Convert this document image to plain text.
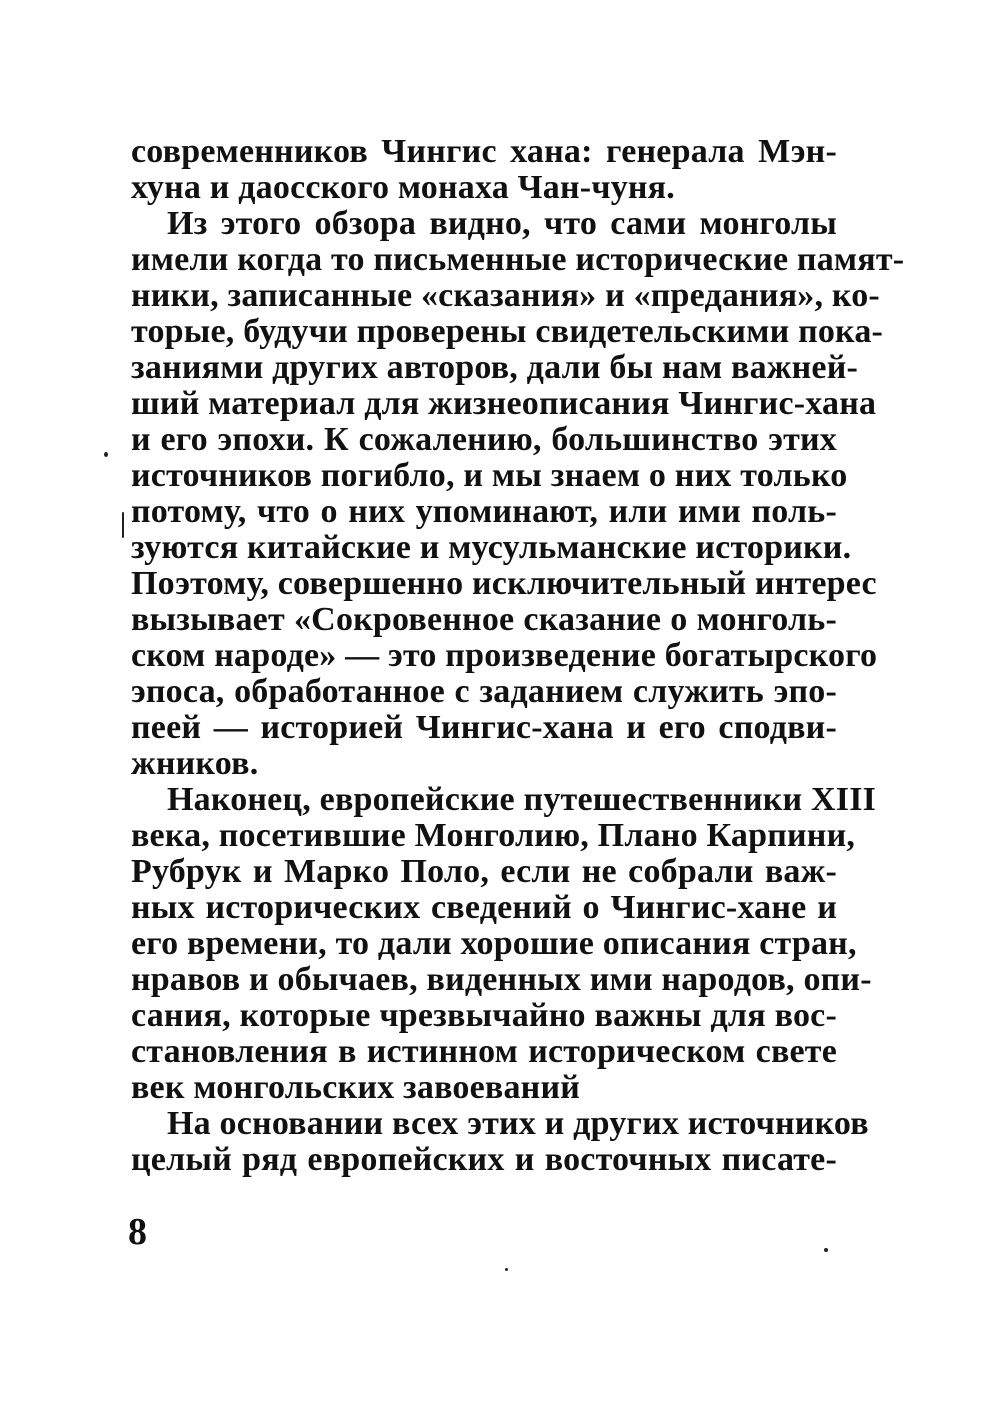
современников Чингис хана: генерала Мэн-
хуна и даосского монаха Чан-чуня.
Из этого обзора видно, что сами монголы
имели когда то письменные исторические памят-
ники, записанные «сказания» и «предания», ко-
торые, будучи проверены свидетельскими пока-
заниями других авторов, дали бы нам важней-
ший материал для жизнеописания Чингис-хана
и его эпохи. К сожалению, большинство этих
источников погибло, и мы знаем о них только
потому, что о них упоминают, или ими поль-
зуются китайские и мусульманские историки.
Поэтому, совершенно исключительный интерес
вызывает «Сокровенное сказание о монголь-
ском народе» — это произведение богатырского
эпоса, обработанное с заданием служить эпо-
пеей — историей Чингис-хана и его сподви-
жников.
Наконец, европейские путешественники XIII
века, посетившие Монголию, Плано Карпини,
Рубрук и Марко Поло, если не собрали важ-
ных исторических сведений о Чингис-хане и
его времени, то дали хорошие описания стран,
нравов и обычаев, виденных ими народов, опи-
сания, которые чрезвычайно важны для вос-
становления в истинном историческом свете
век монгольских завоеваний
На основании всех этих и других источников
целый ряд европейских и восточных писате-
8
